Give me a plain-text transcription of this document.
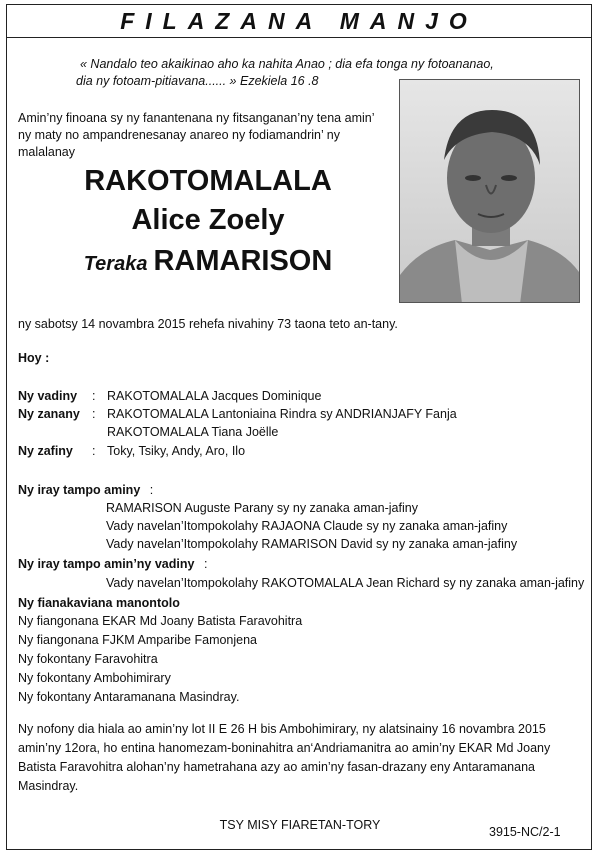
FILAZANA MANJO
« Nandalo teo akaikinao aho ka nahita Anao ; dia efa tonga ny fotoananao,
dia ny fotoam-pitiavana...... » Ezekiela 16 .8
Amin’ny finoana sy ny fanantenana ny fitsanganan’ny tena amin’
ny maty no ampandrenesanay anareo ny fodiamandrin’ ny malalanay
RAKOTOMALALA
Alice Zoely
Teraka RAMARISON
ny sabotsy 14 novambra 2015 rehefa nivahiny 73 taona teto an-tany.
Hoy :
Ny vadiny : RAKOTOMALALA Jacques Dominique
Ny zanany : RAKOTOMALALA Lantoniaina Rindra sy ANDRIANJAFY Fanja
RAKOTOMALALA Tiana Joëlle
Ny zafiny : Toky, Tsiky, Andy, Aro, Ilo
Ny iray tampo aminy :
RAMARISON Auguste Parany sy ny zanaka aman-jafiny
Vady navelan’Itompokolahy RAJAONA Claude sy ny zanaka aman-jafiny
Vady navelan’Itompokolahy RAMARISON David sy ny zanaka aman-jafiny
Ny iray tampo amin’ny vadiny :
Vady navelan’Itompokolahy RAKOTOMALALA Jean Richard sy ny zanaka aman-jafiny
Ny fianakaviana manontolo
Ny fiangonana EKAR Md Joany Batista Faravohitra
Ny fiangonana FJKM Amparibe Famonjena
Ny fokontany Faravohitra
Ny fokontany Ambohimirary
Ny fokontany Antaramanana Masindray.
Ny nofony dia hiala ao amin’ny lot II E 26 H bis Ambohimirary, ny alatsinainy 16 novambra 2015
amin’ny 12ora, ho entina hanomezam-boninahitra an‘Andriamanitra ao amin’ny EKAR Md Joany
Batista Faravohitra alohan’ny hametrahana azy ao amin’ny fasan-drazany eny Antaramanana
Masindray.
TSY MISY FIARETAN-TORY	3915-NC/2-1
